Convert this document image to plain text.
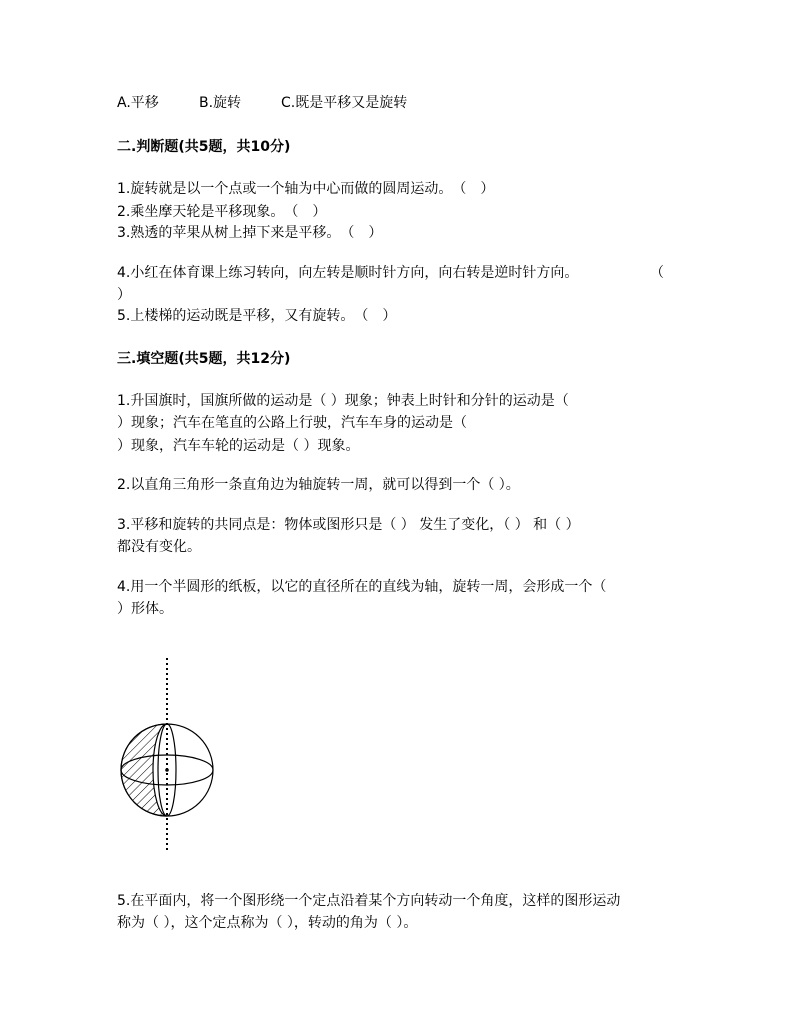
A.平移	B.旋转	C.既是平移又是旋转
二.判断题(共5题，共10分)
1.旋转就是以一个点或一个轴为中心而做的圆周运动。　（　）
2.乘坐摩天轮是平移现象。　（　）
3.熟透的苹果从树上掉下来是平移。　（　）
4.小红在体育课上练习转向，向左转是顺时针方向，向右转是逆时针方向。	（
）
5.上楼梯的运动既是平移，又有旋转。　（　）
三.填空题(共5题，共12分)
1.升国旗时，国旗所做的运动是（ ）现象；钟表上时针和分针的运动是（
）现象；汽车在笔直的公路上行驶，汽车车身的运动是（
）现象，汽车车轮的运动是（ ）现象。
2.以直角三角形一条直角边为轴旋转一周，就可以得到一个（ ）。
3.平移和旋转的共同点是：物体或图形只是（ ） 发生了变化，（ ） 和（ ）
都没有变化。
4.用一个半圆形的纸板，以它的直径所在的直线为轴，旋转一周，会形成一个（
）形体。
5.在平面内，将一个图形绕一个定点沿着某个方向转动一个角度，这样的图形运动
称为（ ），这个定点称为（ ），转动的角为（ ）。
